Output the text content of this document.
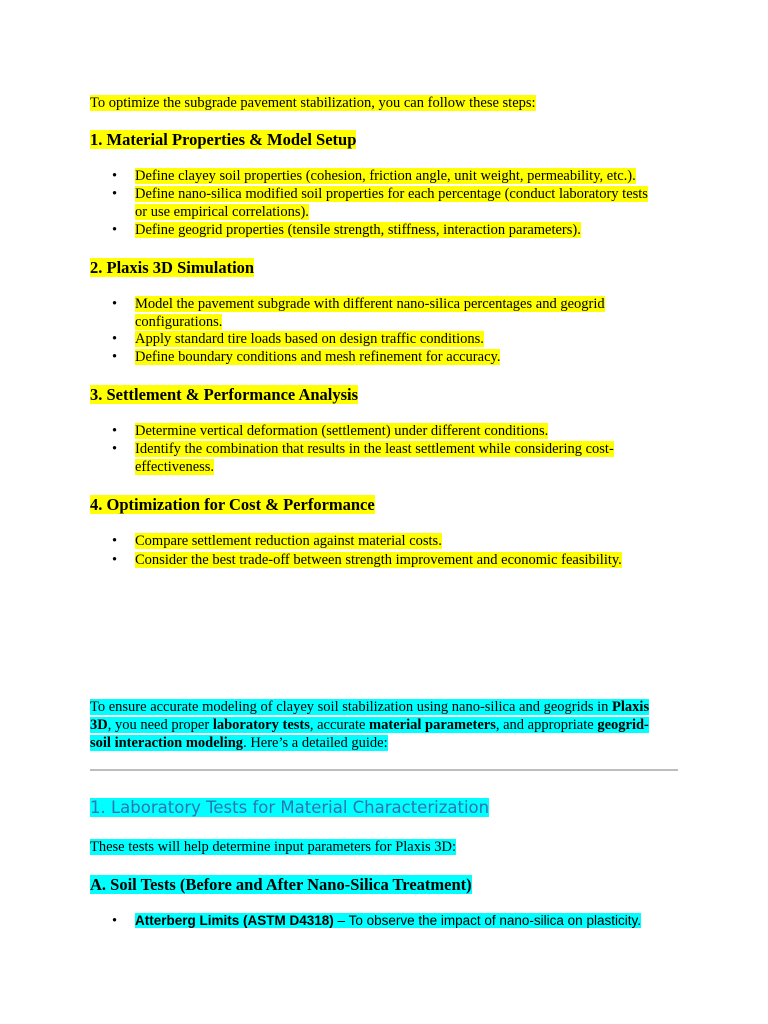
To optimize the subgrade pavement stabilization, you can follow these steps:
1. Material Properties & Model Setup
• Define clayey soil properties (cohesion, friction angle, unit weight, permeability, etc.).
• Define nano-silica modified soil properties for each percentage (conduct laboratory tests
or use empirical correlations).
• Define geogrid properties (tensile strength, stiffness, interaction parameters).
2. Plaxis 3D Simulation
• Model the pavement subgrade with different nano-silica percentages and geogrid
configurations.
• Apply standard tire loads based on design traffic conditions.
• Define boundary conditions and mesh refinement for accuracy.
3. Settlement & Performance Analysis
• Determine vertical deformation (settlement) under different conditions.
• Identify the combination that results in the least settlement while considering cost-
effectiveness.
4. Optimization for Cost & Performance
• Compare settlement reduction against material costs.
• Consider the best trade-off between strength improvement and economic feasibility.
To ensure accurate modeling of clayey soil stabilization using nano-silica and geogrids in Plaxis
3D, you need proper laboratory tests, accurate material parameters, and appropriate geogrid-
soil interaction modeling. Here’s a detailed guide:
1. Laboratory Tests for Material Characterization
These tests will help determine input parameters for Plaxis 3D:
A. Soil Tests (Before and After Nano-Silica Treatment)
• Atterberg Limits (ASTM D4318) – To observe the impact of nano-silica on plasticity.
